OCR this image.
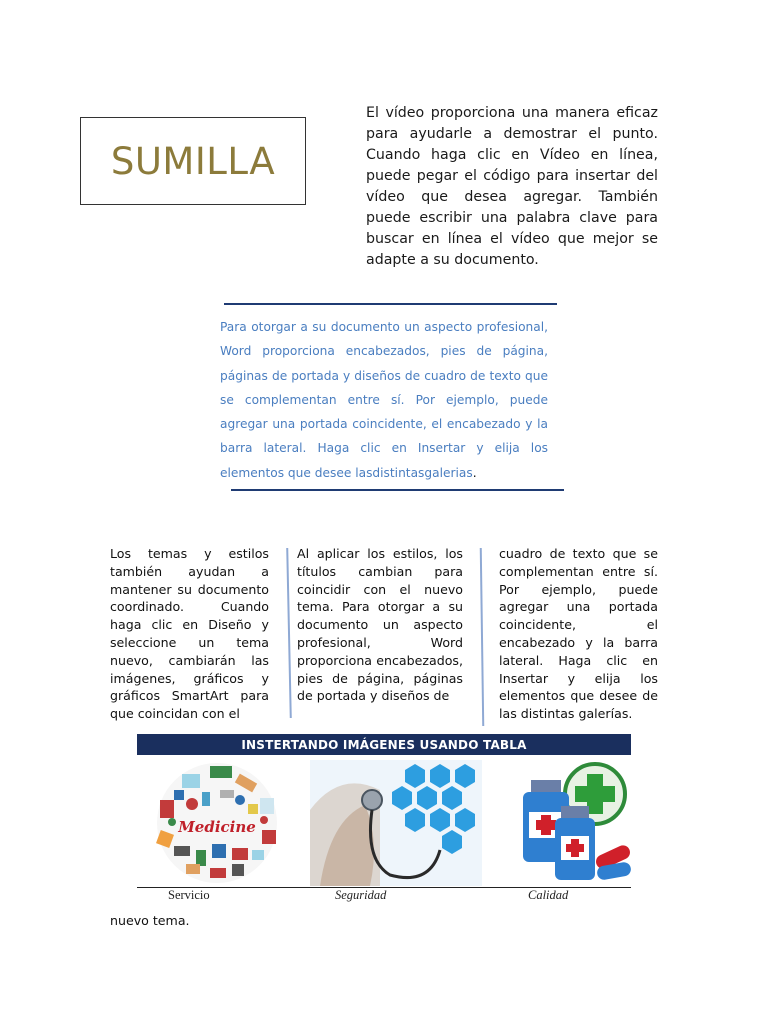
SUMILLA
El vídeo proporciona una manera eficaz para ayudarle a demostrar el punto. Cuando haga clic en Vídeo en línea, puede pegar el código para insertar del vídeo que desea agregar. También puede escribir una palabra clave para buscar en línea el vídeo que mejor se adapte a su documento.
Para otorgar a su documento un aspecto profesional, Word proporciona encabezados, pies de página, páginas de portada y diseños de cuadro de texto que se complementan entre sí. Por ejemplo, puede agregar una portada coincidente, el encabezado y la barra lateral. Haga clic en Insertar y elija los elementos que desee lasdistintasgalerias.
Los temas y estilos también ayudan a mantener su documento coordinado. Cuando haga clic en Diseño y seleccione un tema nuevo, cambiarán las imágenes, gráficos y gráficos SmartArt para que coincidan con el
Al aplicar los estilos, los títulos cambian para coincidir con el nuevo tema. Para otorgar a su documento un aspecto profesional, Word proporciona encabezados, pies de página, páginas de portada y diseños de
cuadro de texto que se complementan entre sí. Por ejemplo, puede agregar una portada coincidente, el encabezado y la barra lateral. Haga clic en Insertar y elija los elementos que desee de las distintas galerías.
INSTERTANDO IMÁGENES USANDO TABLA
Medicine
Servicio	Seguridad	Calidad
nuevo tema.
